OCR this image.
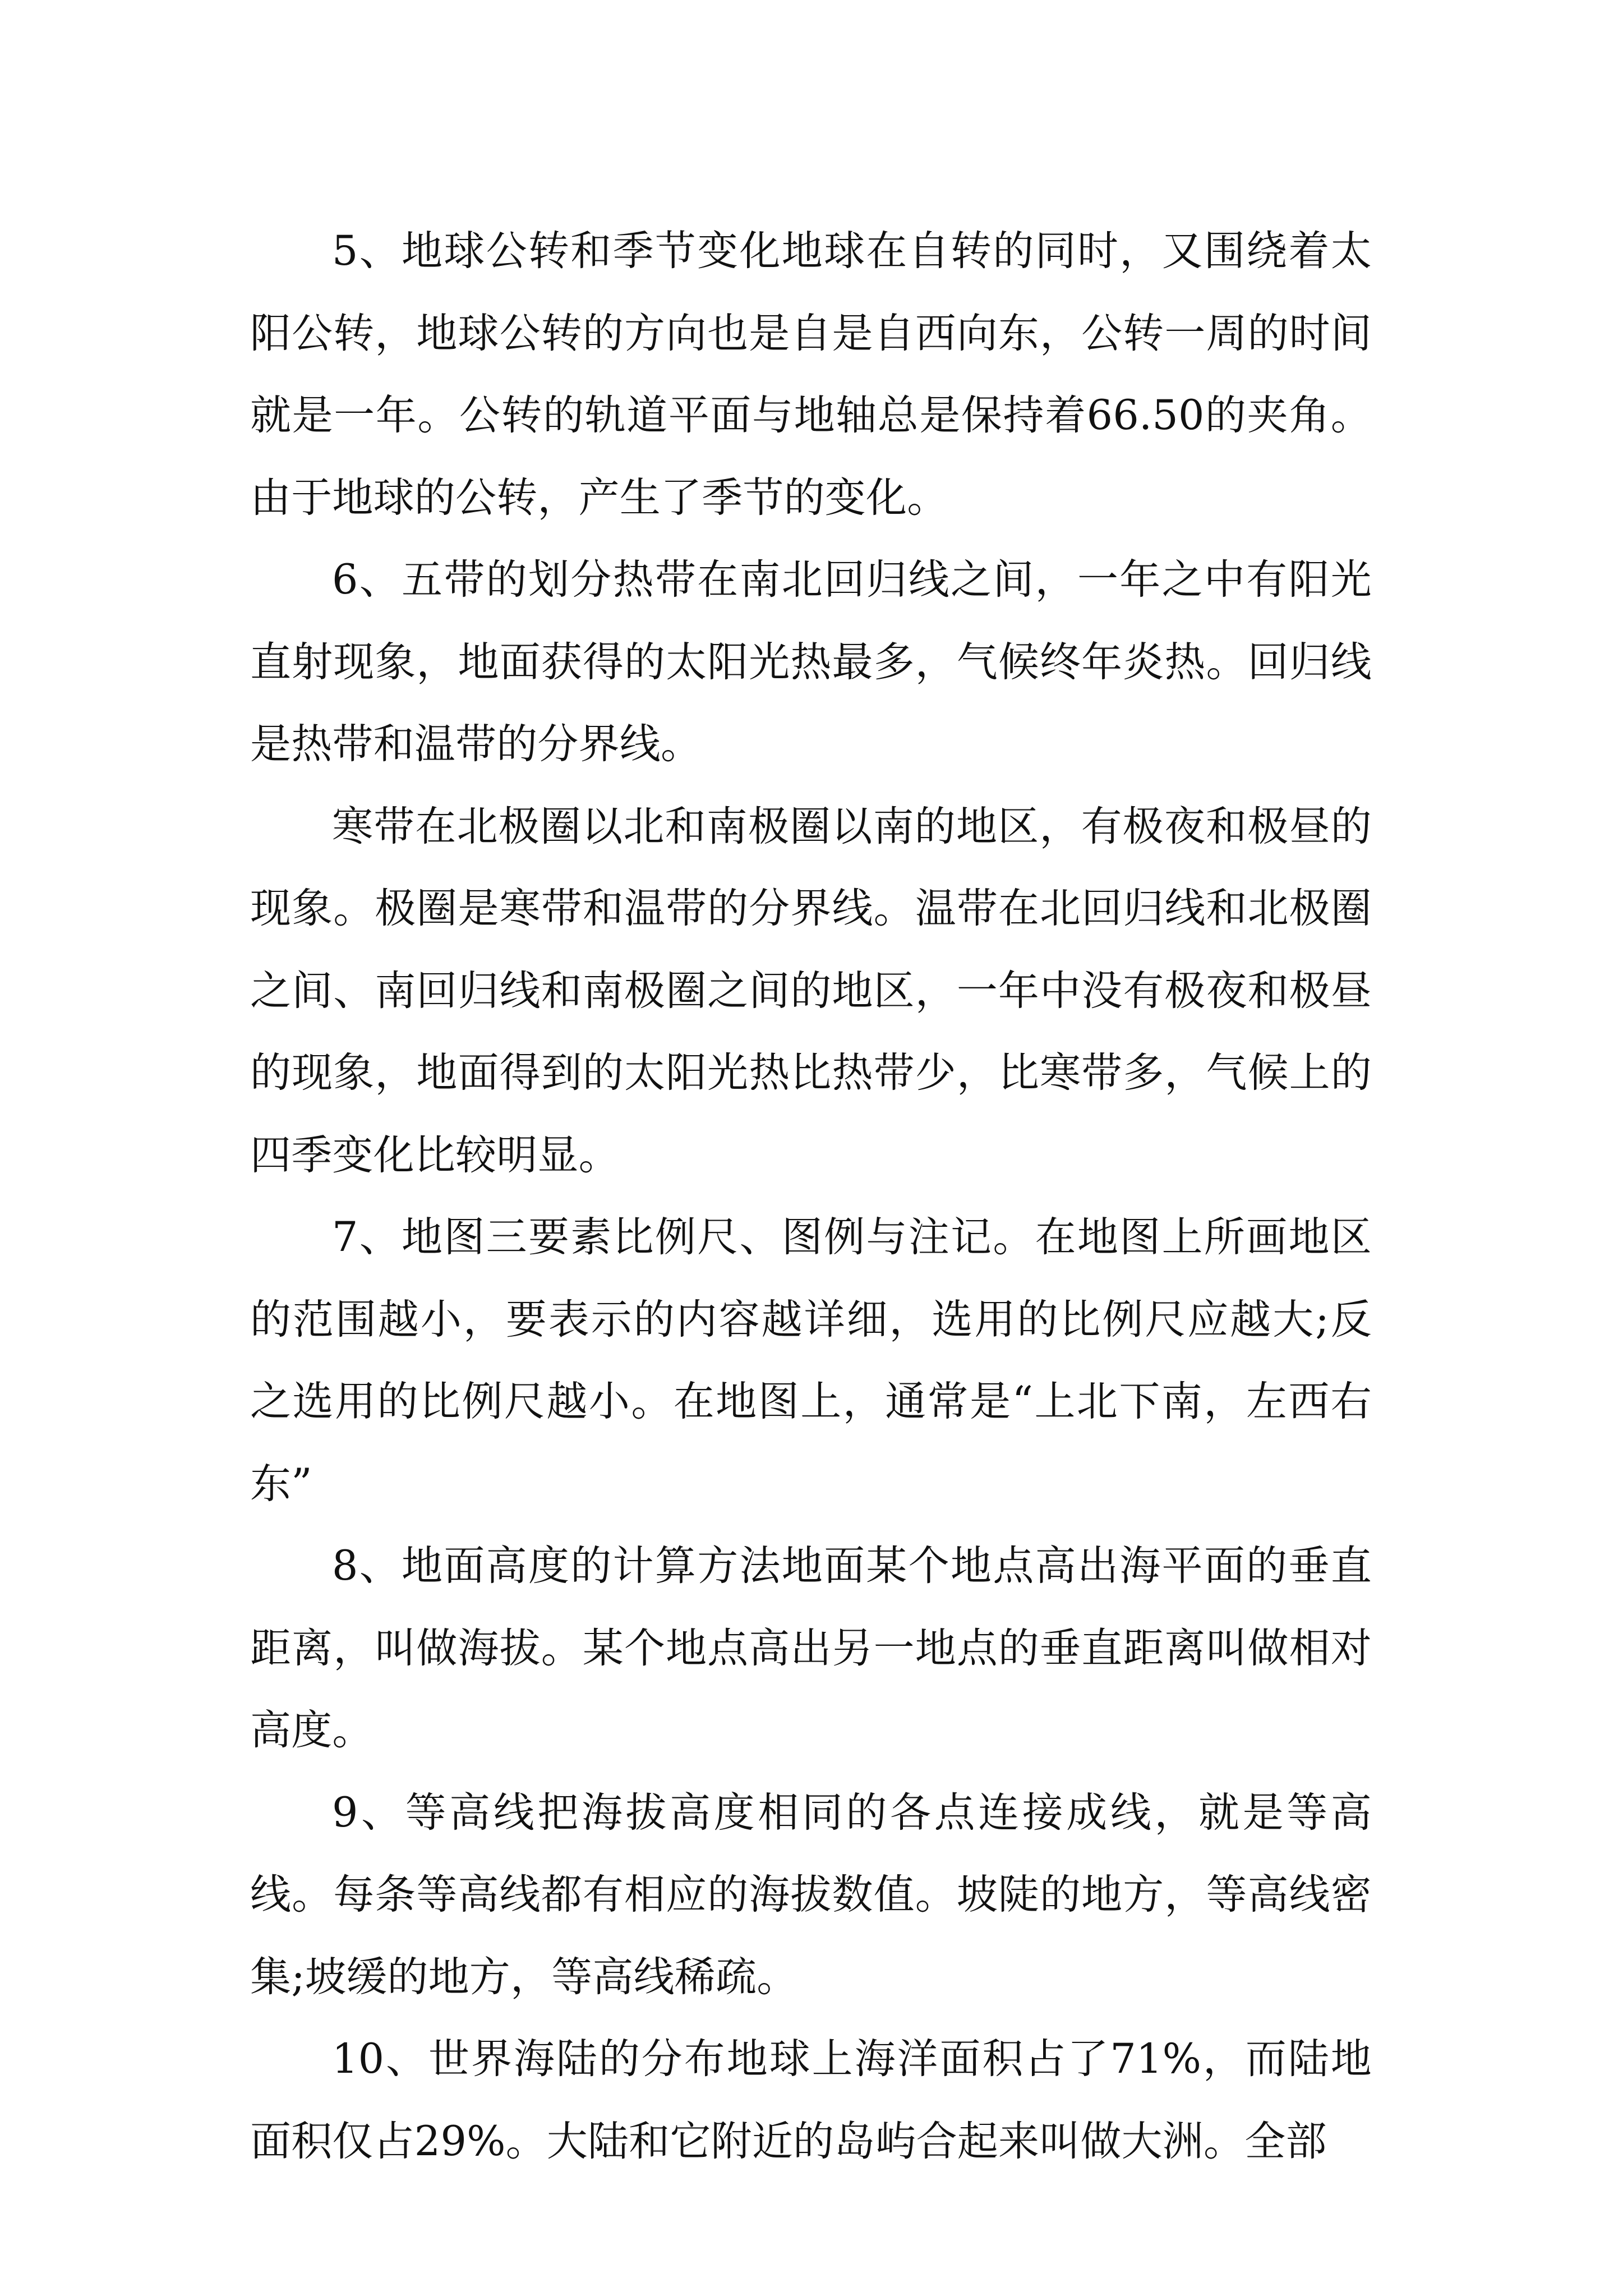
5、地球公转和季节变化地球在自转的同时，又围绕着太阳公转，地球公转的方向也是自是自西向东，公转一周的时间就是一年。公转的轨道平面与地轴总是保持着66.50的夹角。由于地球的公转，产生了季节的变化。

6、五带的划分热带在南北回归线之间，一年之中有阳光直射现象，地面获得的太阳光热最多，气候终年炎热。回归线是热带和温带的分界线。

寒带在北极圈以北和南极圈以南的地区，有极夜和极昼的现象。极圈是寒带和温带的分界线。温带在北回归线和北极圈之间、南回归线和南极圈之间的地区，一年中没有极夜和极昼的现象，地面得到的太阳光热比热带少，比寒带多，气候上的四季变化比较明显。

7、地图三要素比例尺、图例与注记。在地图上所画地区的范围越小，要表示的内容越详细，选用的比例尺应越大;反之选用的比例尺越小。在地图上，通常是“上北下南，左西右东”

8、地面高度的计算方法地面某个地点高出海平面的垂直距离，叫做海拔。某个地点高出另一地点的垂直距离叫做相对高度。

9、等高线把海拔高度相同的各点连接成线，就是等高线。每条等高线都有相应的海拔数值。坡陡的地方，等高线密集;坡缓的地方，等高线稀疏。

10、世界海陆的分布地球上海洋面积占了71%，而陆地面积仅占29%。大陆和它附近的岛屿合起来叫做大洲。全部
